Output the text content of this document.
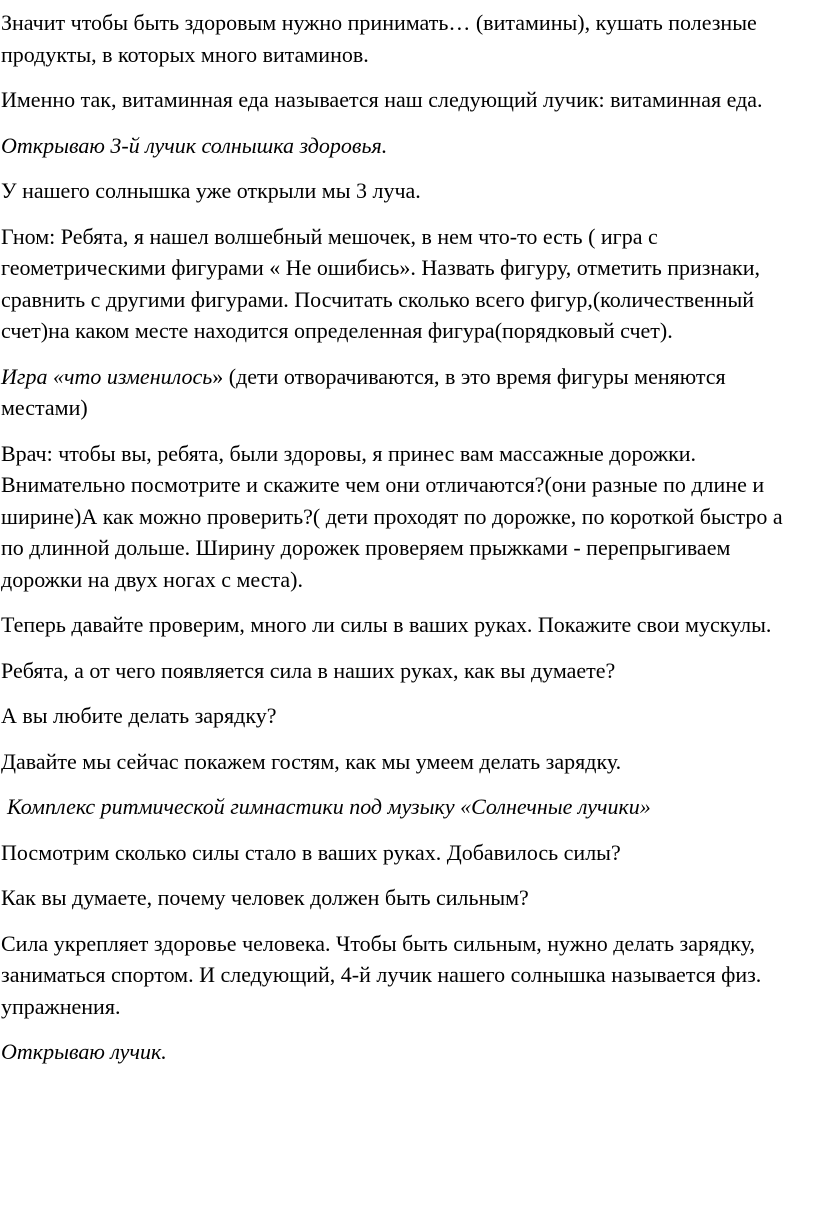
Значит чтобы быть здоровым нужно принимать… (витамины), кушать полезные продукты, в которых много витаминов.

Именно так, витаминная еда называется наш следующий лучик: витаминная еда.

Открываю 3-й лучик солнышка здоровья.

У нашего солнышка уже открыли мы 3 луча.

Гном: Ребята, я нашел волшебный мешочек, в нем что-то есть ( игра с геометрическими фигурами « Не ошибись». Назвать фигуру, отметить признаки, сравнить с другими фигурами. Посчитать сколько всего фигур,(количественный счет)на каком месте находится определенная фигура(порядковый счет).

Игра «что изменилось» (дети отворачиваются, в это время фигуры меняются местами)

Врач: чтобы вы, ребята, были здоровы, я принес вам массажные дорожки. Внимательно посмотрите и скажите чем они отличаются?(они разные по длине и ширине)А как можно проверить?( дети проходят по дорожке, по короткой быстро а по длинной дольше. Ширину дорожек проверяем прыжками - перепрыгиваем дорожки на двух ногах с места).

Теперь давайте проверим, много ли силы в ваших руках. Покажите свои мускулы.

Ребята, а от чего появляется сила в наших руках, как вы думаете?

А вы любите делать зарядку?

Давайте мы сейчас покажем гостям, как мы умеем делать зарядку.

Комплекс ритмической гимнастики под музыку «Солнечные лучики»

Посмотрим сколько силы стало в ваших руках. Добавилось силы?

Как вы думаете, почему человек должен быть сильным?

Сила укрепляет здоровье человека. Чтобы быть сильным, нужно делать зарядку, заниматься спортом. И следующий, 4-й лучик нашего солнышка называется физ. упражнения.

Открываю лучик.
